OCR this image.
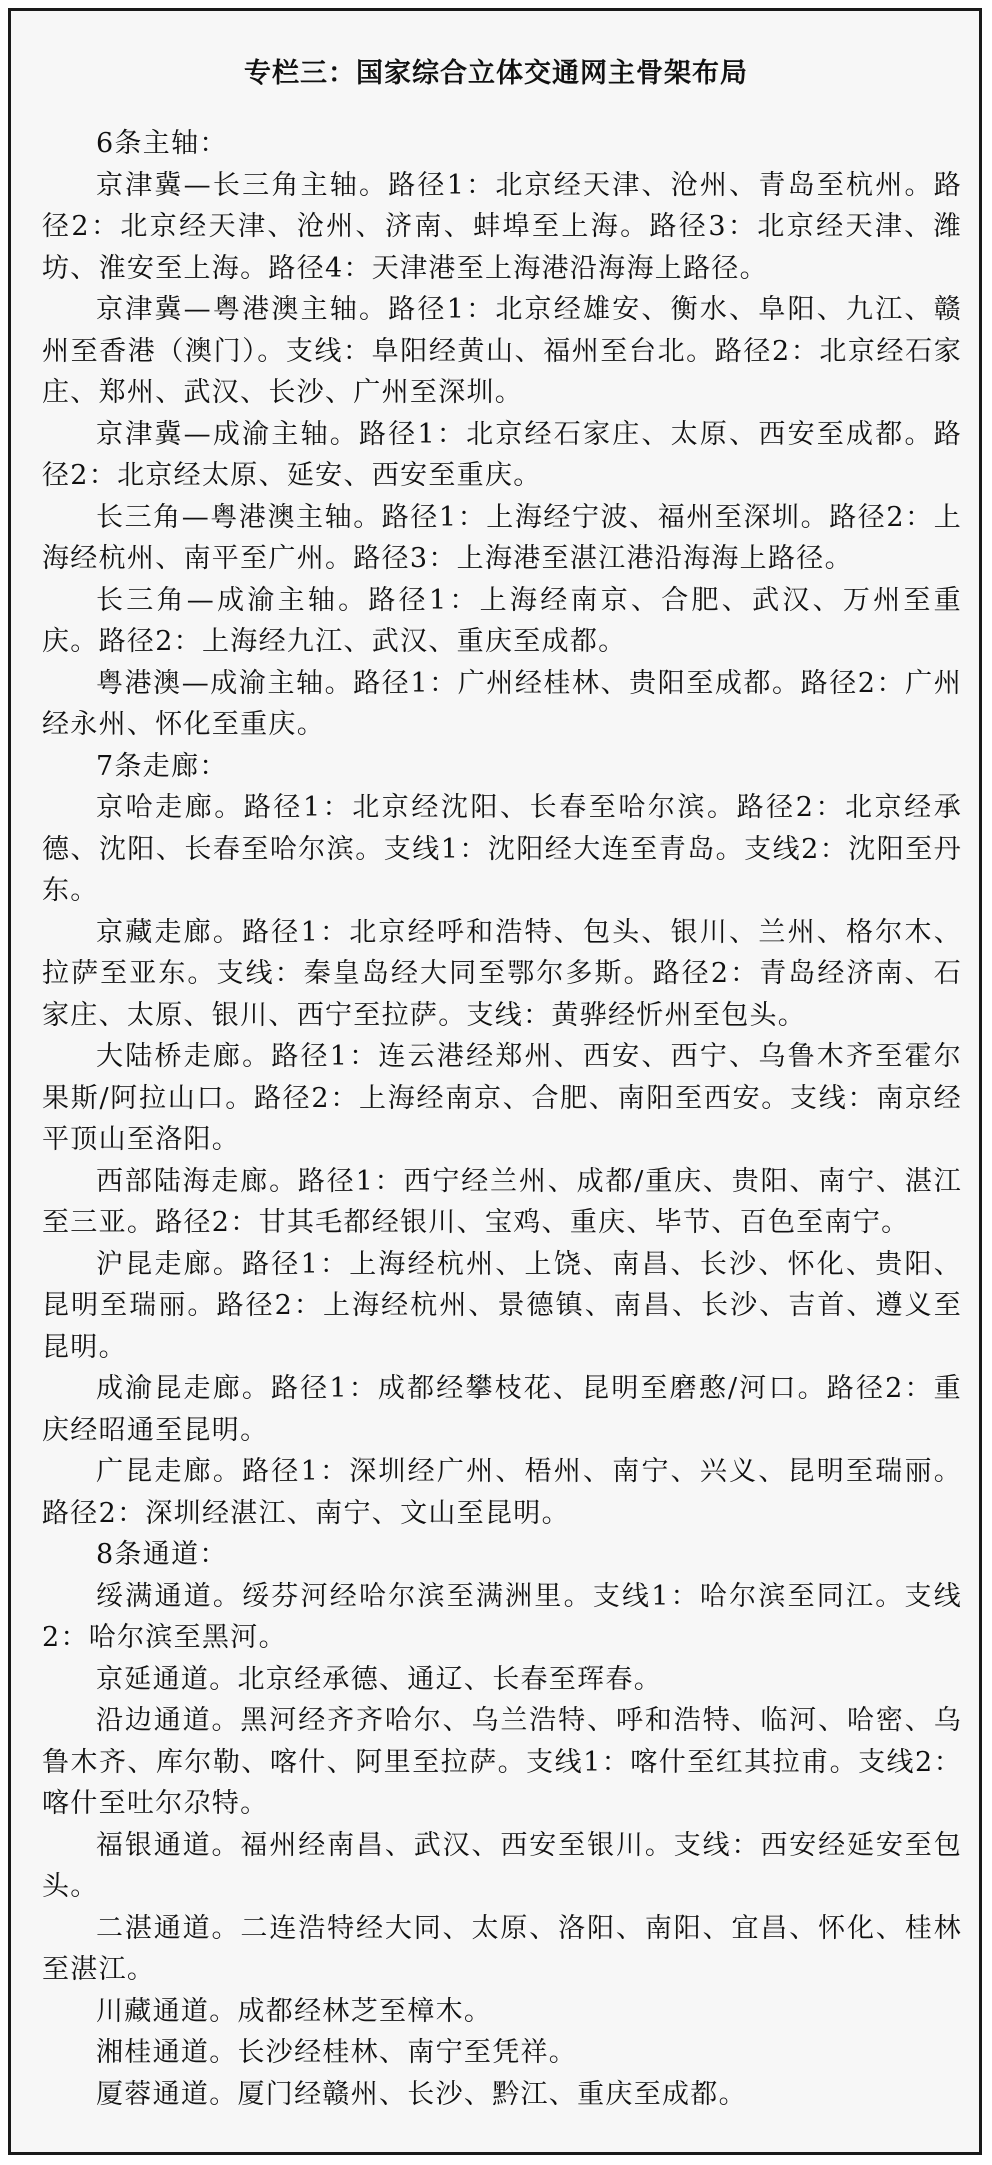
专栏三：国家综合立体交通网主骨架布局

6条主轴：

京津冀—长三角主轴。路径1：北京经天津、沧州、青岛至杭州。路径2：北京经天津、沧州、济南、蚌埠至上海。路径3：北京经天津、潍坊、淮安至上海。路径4：天津港至上海港沿海海上路径。

京津冀—粤港澳主轴。路径1：北京经雄安、衡水、阜阳、九江、赣州至香港（澳门）。支线：阜阳经黄山、福州至台北。路径2：北京经石家庄、郑州、武汉、长沙、广州至深圳。

京津冀—成渝主轴。路径1：北京经石家庄、太原、西安至成都。路径2：北京经太原、延安、西安至重庆。

长三角—粤港澳主轴。路径1：上海经宁波、福州至深圳。路径2：上海经杭州、南平至广州。路径3：上海港至湛江港沿海海上路径。

长三角—成渝主轴。路径1：上海经南京、合肥、武汉、万州至重庆。路径2：上海经九江、武汉、重庆至成都。

粤港澳—成渝主轴。路径1：广州经桂林、贵阳至成都。路径2：广州经永州、怀化至重庆。

7条走廊：

京哈走廊。路径1：北京经沈阳、长春至哈尔滨。路径2：北京经承德、沈阳、长春至哈尔滨。支线1：沈阳经大连至青岛。支线2：沈阳至丹东。

京藏走廊。路径1：北京经呼和浩特、包头、银川、兰州、格尔木、拉萨至亚东。支线：秦皇岛经大同至鄂尔多斯。路径2：青岛经济南、石家庄、太原、银川、西宁至拉萨。支线：黄骅经忻州至包头。

大陆桥走廊。路径1：连云港经郑州、西安、西宁、乌鲁木齐至霍尔果斯/阿拉山口。路径2：上海经南京、合肥、南阳至西安。支线：南京经平顶山至洛阳。

西部陆海走廊。路径1：西宁经兰州、成都/重庆、贵阳、南宁、湛江至三亚。路径2：甘其毛都经银川、宝鸡、重庆、毕节、百色至南宁。

沪昆走廊。路径1：上海经杭州、上饶、南昌、长沙、怀化、贵阳、昆明至瑞丽。路径2：上海经杭州、景德镇、南昌、长沙、吉首、遵义至昆明。

成渝昆走廊。路径1：成都经攀枝花、昆明至磨憨/河口。路径2：重庆经昭通至昆明。

广昆走廊。路径1：深圳经广州、梧州、南宁、兴义、昆明至瑞丽。路径2：深圳经湛江、南宁、文山至昆明。

8条通道：

绥满通道。绥芬河经哈尔滨至满洲里。支线1：哈尔滨至同江。支线2：哈尔滨至黑河。

京延通道。北京经承德、通辽、长春至珲春。

沿边通道。黑河经齐齐哈尔、乌兰浩特、呼和浩特、临河、哈密、乌鲁木齐、库尔勒、喀什、阿里至拉萨。支线1：喀什至红其拉甫。支线2：喀什至吐尔尕特。

福银通道。福州经南昌、武汉、西安至银川。支线：西安经延安至包头。

二湛通道。二连浩特经大同、太原、洛阳、南阳、宜昌、怀化、桂林至湛江。

川藏通道。成都经林芝至樟木。

湘桂通道。长沙经桂林、南宁至凭祥。

厦蓉通道。厦门经赣州、长沙、黔江、重庆至成都。
